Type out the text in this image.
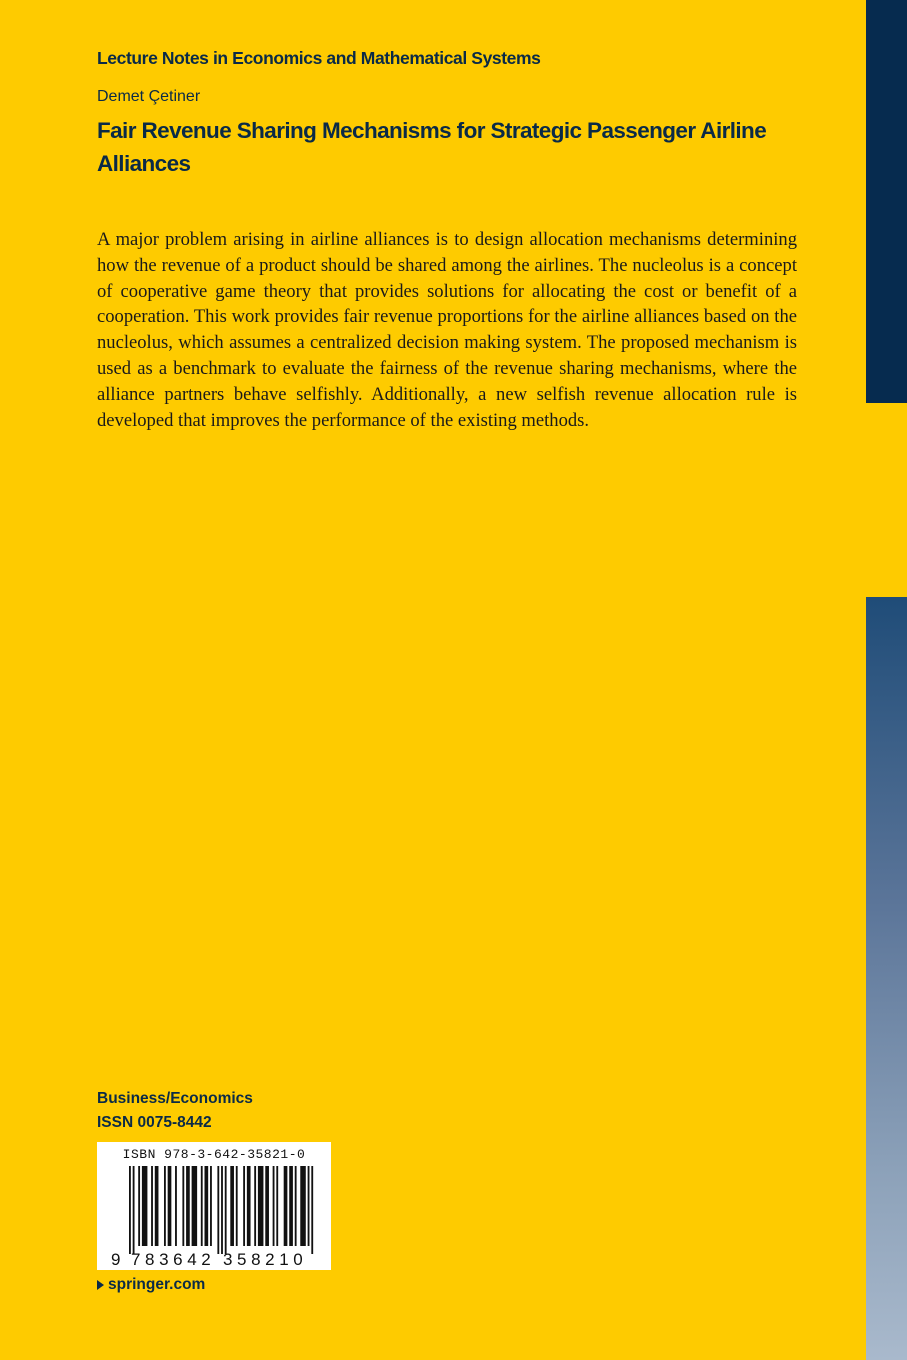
Lecture Notes in Economics and Mathematical Systems
Demet Çetiner
Fair Revenue Sharing Mechanisms for Strategic Passenger Airline Alliances

A major problem arising in airline alliances is to design allocation mechanisms determining how the revenue of a product should be shared among the airlines. The nucleolus is a concept of cooperative game theory that provides solutions for allocating the cost or benefit of a cooperation. This work provides fair revenue proportions for the airline alliances based on the nucleolus, which assumes a centralized decision making system. The proposed mechanism is used as a benchmark to evaluate the fairness of the revenue sharing mechanisms, where the alliance partners behave selfishly. Additionally, a new selfish revenue allocation rule is developed that improves the performance of the existing methods.

Business/Economics
ISSN 0075-8442
ISBN 978-3-642-35821-0
9 783642 358210
springer.com
